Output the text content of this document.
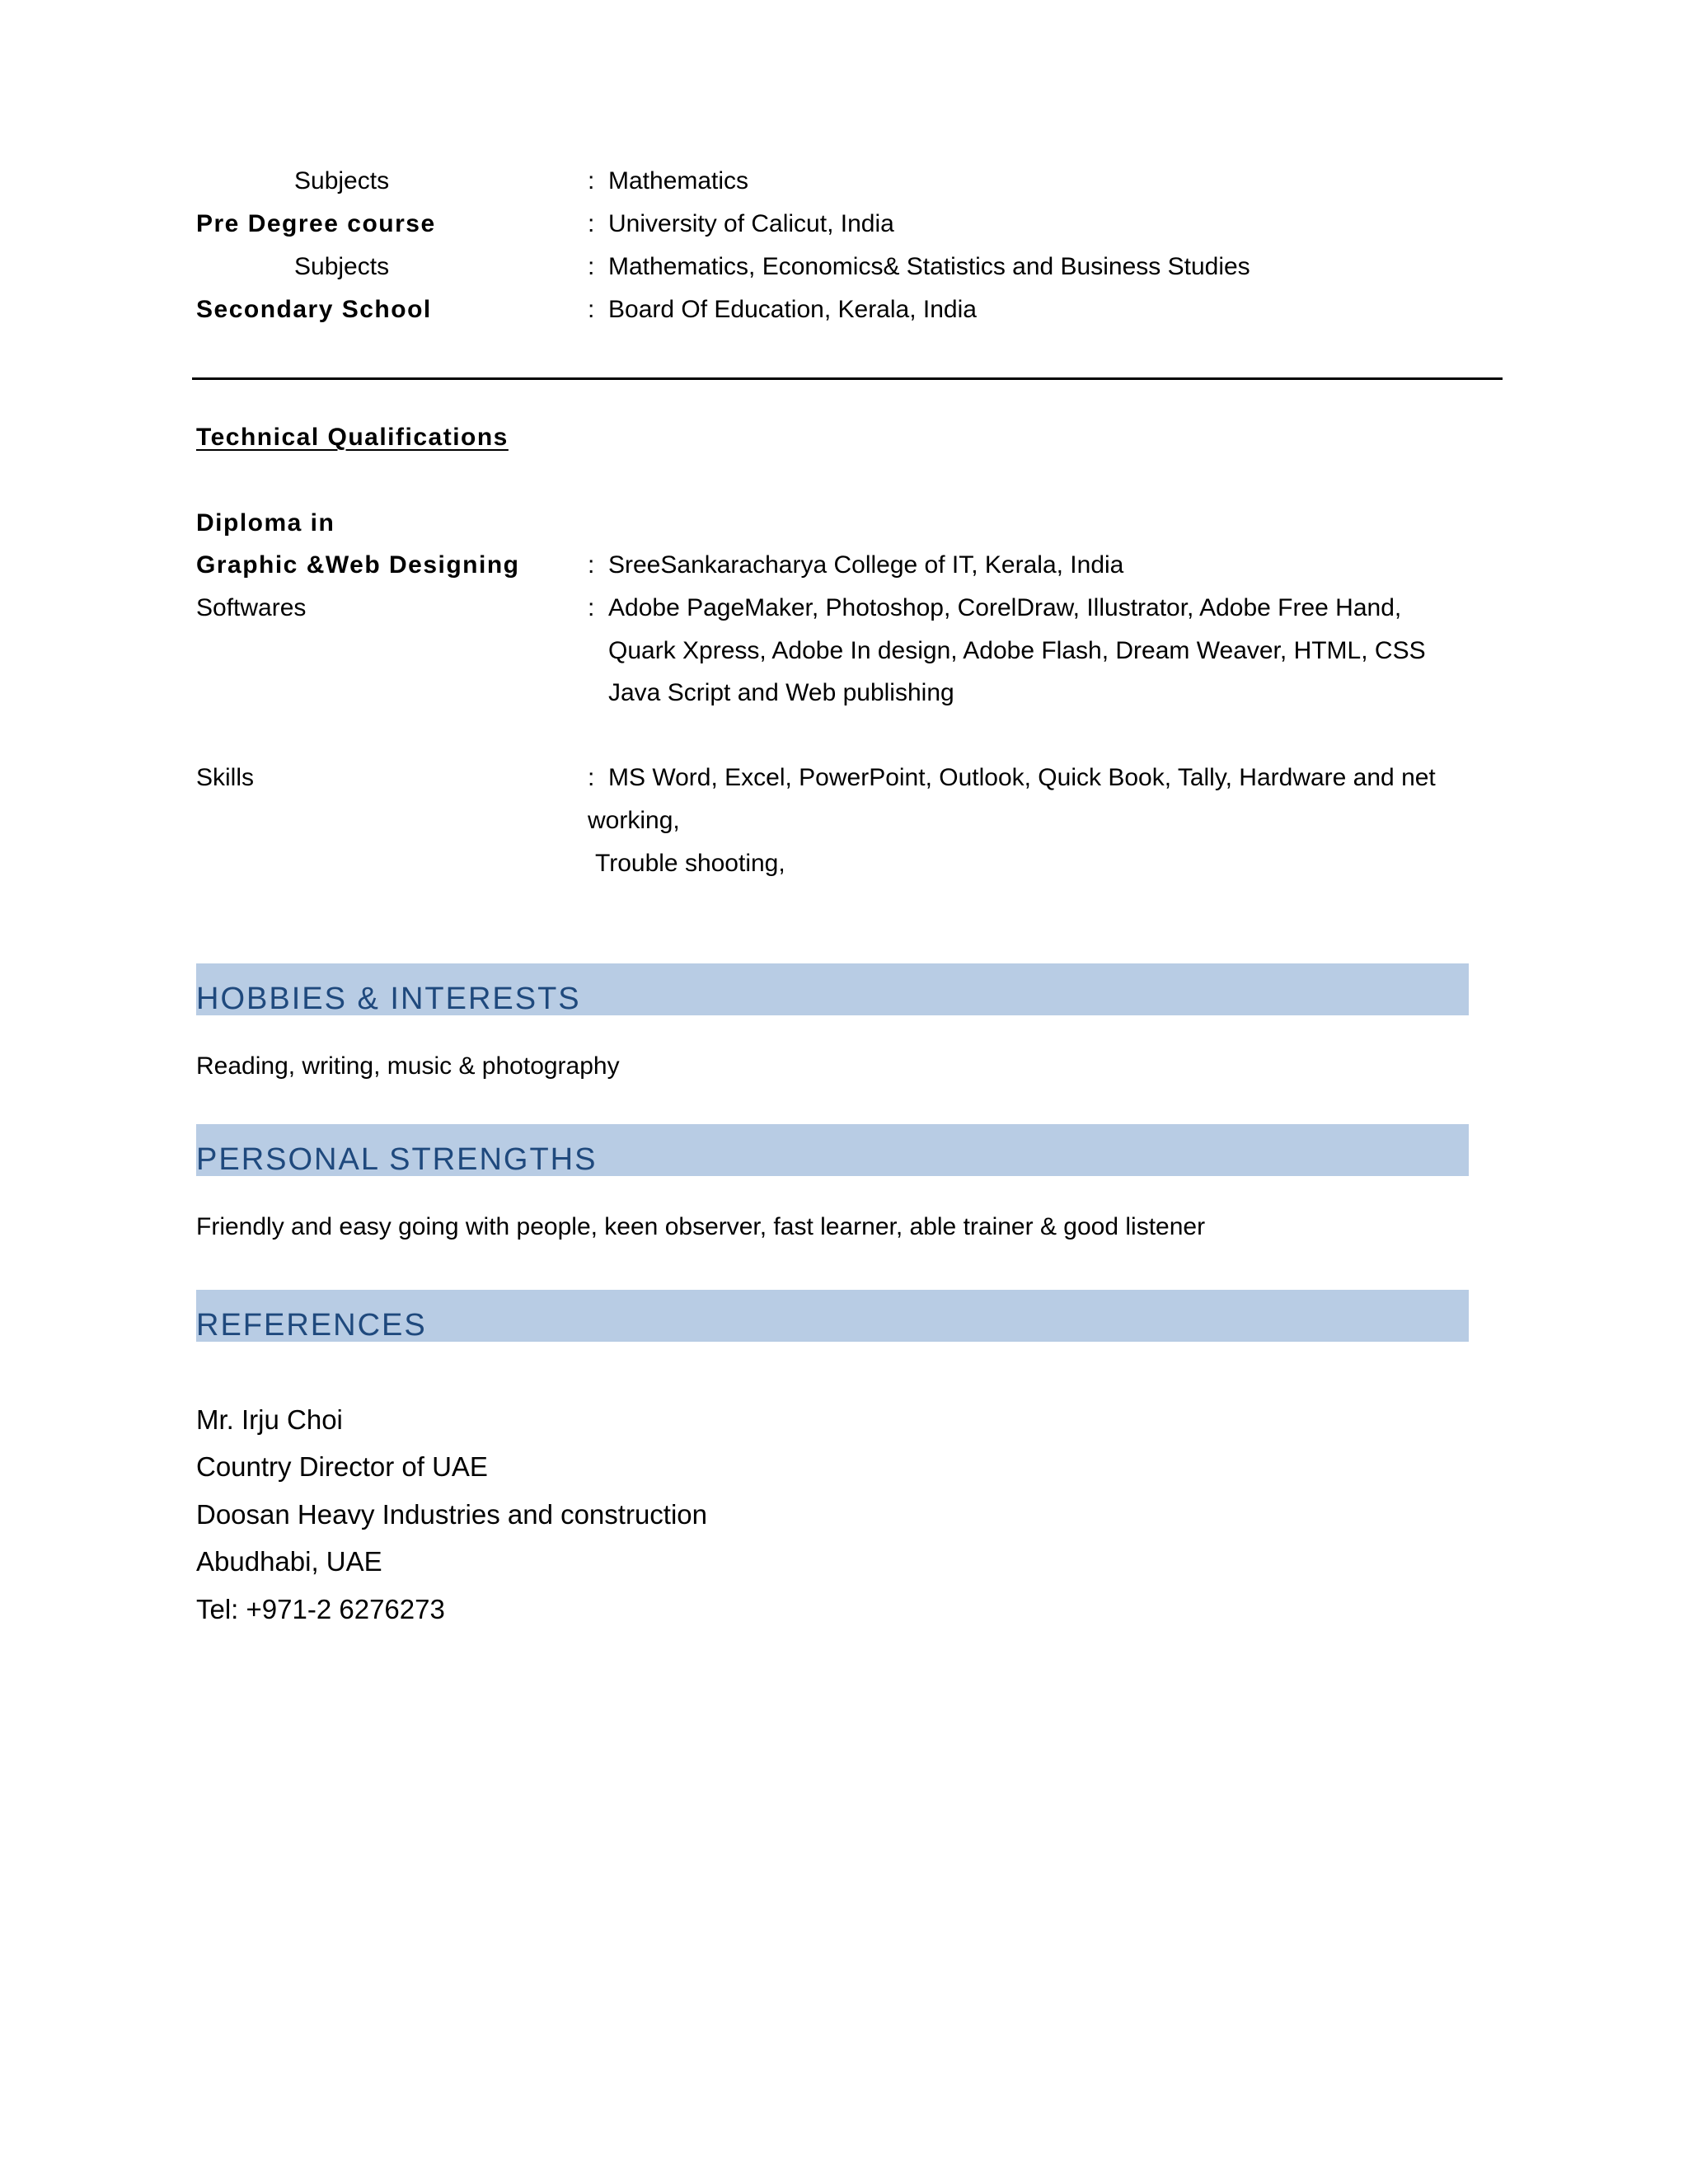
Subjects	: Mathematics
Pre Degree course	: University of Calicut, India
Subjects	: Mathematics, Economics& Statistics and Business Studies
Secondary School	: Board Of Education, Kerala, India
Technical Qualifications
Diploma in
Graphic &Web Designing	: SreeSankaracharya College of IT, Kerala, India
Softwares	: Adobe PageMaker, Photoshop, CorelDraw, Illustrator, Adobe Free Hand,
Quark Xpress, Adobe In design, Adobe Flash, Dream Weaver, HTML, CSS
Java Script and Web publishing
Skills	: MS Word, Excel, PowerPoint, Outlook, Quick Book, Tally, Hardware and net
working,
Trouble shooting,
HOBBIES & INTERESTS
Reading, writing, music & photography
PERSONAL STRENGTHS
Friendly and easy going with people, keen observer, fast learner, able trainer & good listener
REFERENCES
Mr. Irju Choi
Country Director of UAE
Doosan Heavy Industries and construction
Abudhabi, UAE
Tel: +971-2 6276273
